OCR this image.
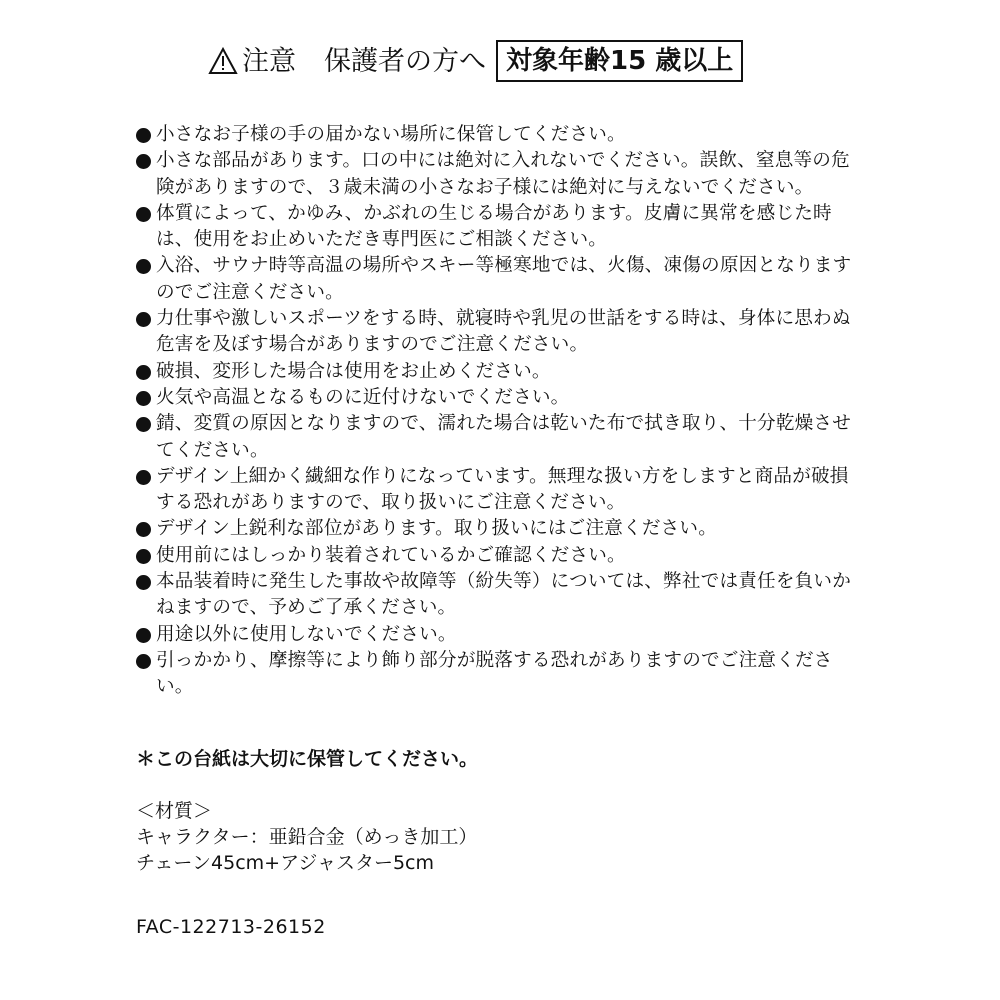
注意 保護者の方へ 対象年齢15 歳以上
小さなお子様の手の届かない場所に保管してください。
小さな部品があります。口の中には絶対に入れないでください。誤飲、窒息等の危険がありますので、３歳未満の小さなお子様には絶対に与えないでください。
体質によって、かゆみ、かぶれの生じる場合があります。皮膚に異常を感じた時は、使用をお止めいただき専門医にご相談ください。
入浴、サウナ時等高温の場所やスキー等極寒地では、火傷、凍傷の原因となりますのでご注意ください。
力仕事や激しいスポーツをする時、就寝時や乳児の世話をする時は、身体に思わぬ危害を及ぼす場合がありますのでご注意ください。
破損、変形した場合は使用をお止めください。
火気や高温となるものに近付けないでください。
錆、変質の原因となりますので、濡れた場合は乾いた布で拭き取り、十分乾燥させてください。
デザイン上細かく繊細な作りになっています。無理な扱い方をしますと商品が破損する恐れがありますので、取り扱いにご注意ください。
デザイン上鋭利な部位があります。取り扱いにはご注意ください。
使用前にはしっかり装着されているかご確認ください。
本品装着時に発生した事故や故障等（紛失等）については、弊社では責任を負いかねますので、予めご了承ください。
用途以外に使用しないでください。
引っかかり、摩擦等により飾り部分が脱落する恐れがありますのでご注意ください。
＊この台紙は大切に保管してください。
＜材質＞
キャラクター：亜鉛合金（めっき加工）
チェーン45cm+アジャスター5cm
FAC-122713-26152
